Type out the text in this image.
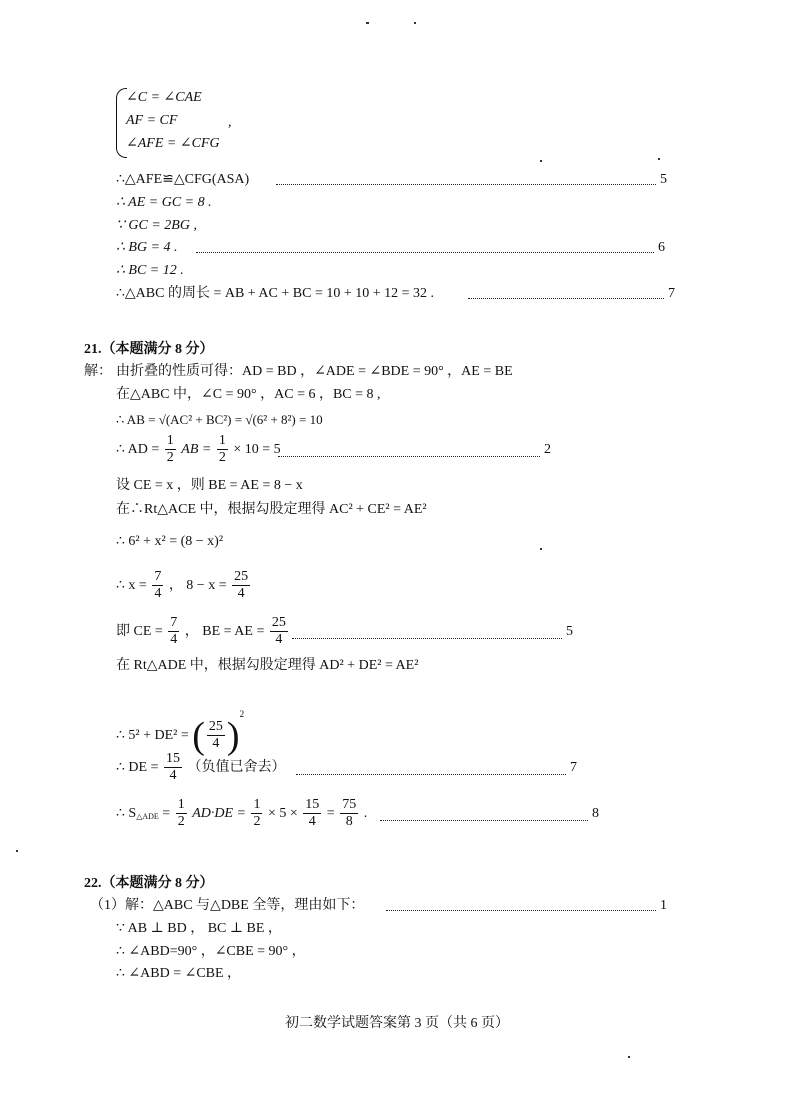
∠C = ∠CAE
AF = CF	,
∠AFE = ∠CFG
∴△AFE≌△CFG(ASA)	5
∴ AE = GC = 8 .
∵ GC = 2BG ,
∴ BG = 4 .	6
∴ BC = 12 .
∴△ABC 的周长 = AB + AC + BC = 10 + 10 + 12 = 32 .	7
21.（本题满分 8 分）
解： 由折叠的性质可得：AD = BD ，∠ADE = ∠BDE = 90° ，AE = BE
在△ABC 中，∠C = 90° ，AC = 6 ，BC = 8 ,
∴ AB = √(AC² + BC²) = √(6² + 8²) = 10
∴ AD = $\frac{1}{2}$ AB = $\frac{1}{2} \times 10 = 5$	2
设 CE = x ，则 BE = AE = 8 − x
在∴Rt△ACE 中，根据勾股定理得 AC² + CE² = AE²
∴ 6² + x² = (8 − x)²
∴ $x = \frac{7}{4}$ ， $8 - x = \frac{25}{4}$
即 CE = $\frac{7}{4}$ ， BE = AE = $\frac{25}{4}$	5
在 Rt△ADE 中，根据勾股定理得 AD² + DE² = AE²
∴ 5² + DE² = ( $\frac{25}{4} )^2$
∴ DE = $\frac{15}{4}$ （负值已舍去）	7
∴ $S_{\triangle ADE} = \frac{1}{2} AD\cdot DE = \frac{1}{2} \times 5 \times \frac{15}{4} = \frac{75}{8}$ .	8
22.（本题满分 8 分）
（1）解：△ABC 与△DBE 全等，理由如下：	1
∵ AB ⊥ BD ， BC ⊥ BE ，
∴ ∠ABD=90° ，∠CBE = 90° ，
∴ ∠ABD = ∠CBE ，
初二数学试题答案第 3 页（共 6 页）
